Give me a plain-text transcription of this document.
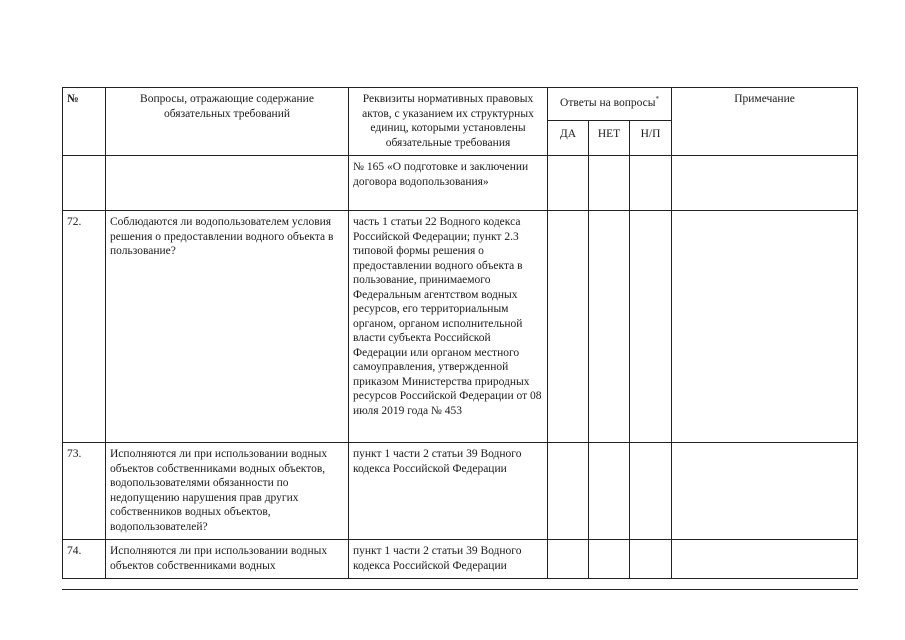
№	Вопросы, отражающие содержание обязательных требований	Реквизиты нормативных правовых актов, с указанием их структурных единиц, которыми установлены обязательные требования	Ответы на вопросы*			Примечание
			ДА	НЕТ	Н/П	
		№ 165 «О подготовке и заключении договора водопользования»				
72.	Соблюдаются ли водопользователем условия решения о предоставлении водного объекта в пользование?	часть 1 статьи 22 Водного кодекса Российской Федерации; пункт 2.3 типовой формы решения о предоставлении водного объекта в пользование, принимаемого Федеральным агентством водных ресурсов, его территориальным органом, органом исполнительной власти субъекта Российской Федерации или органом местного самоуправления, утвержденной приказом Министерства природных ресурсов Российской Федерации от 08 июля 2019 года № 453				
73.	Исполняются ли при использовании водных объектов собственниками водных объектов, водопользователями обязанности по недопущению нарушения прав других собственников водных объектов, водопользователей?	пункт 1 части 2 статьи 39 Водного кодекса Российской Федерации				
74.	Исполняются ли при использовании водных объектов собственниками водных	пункт 1 части 2 статьи 39 Водного кодекса Российской Федерации				
